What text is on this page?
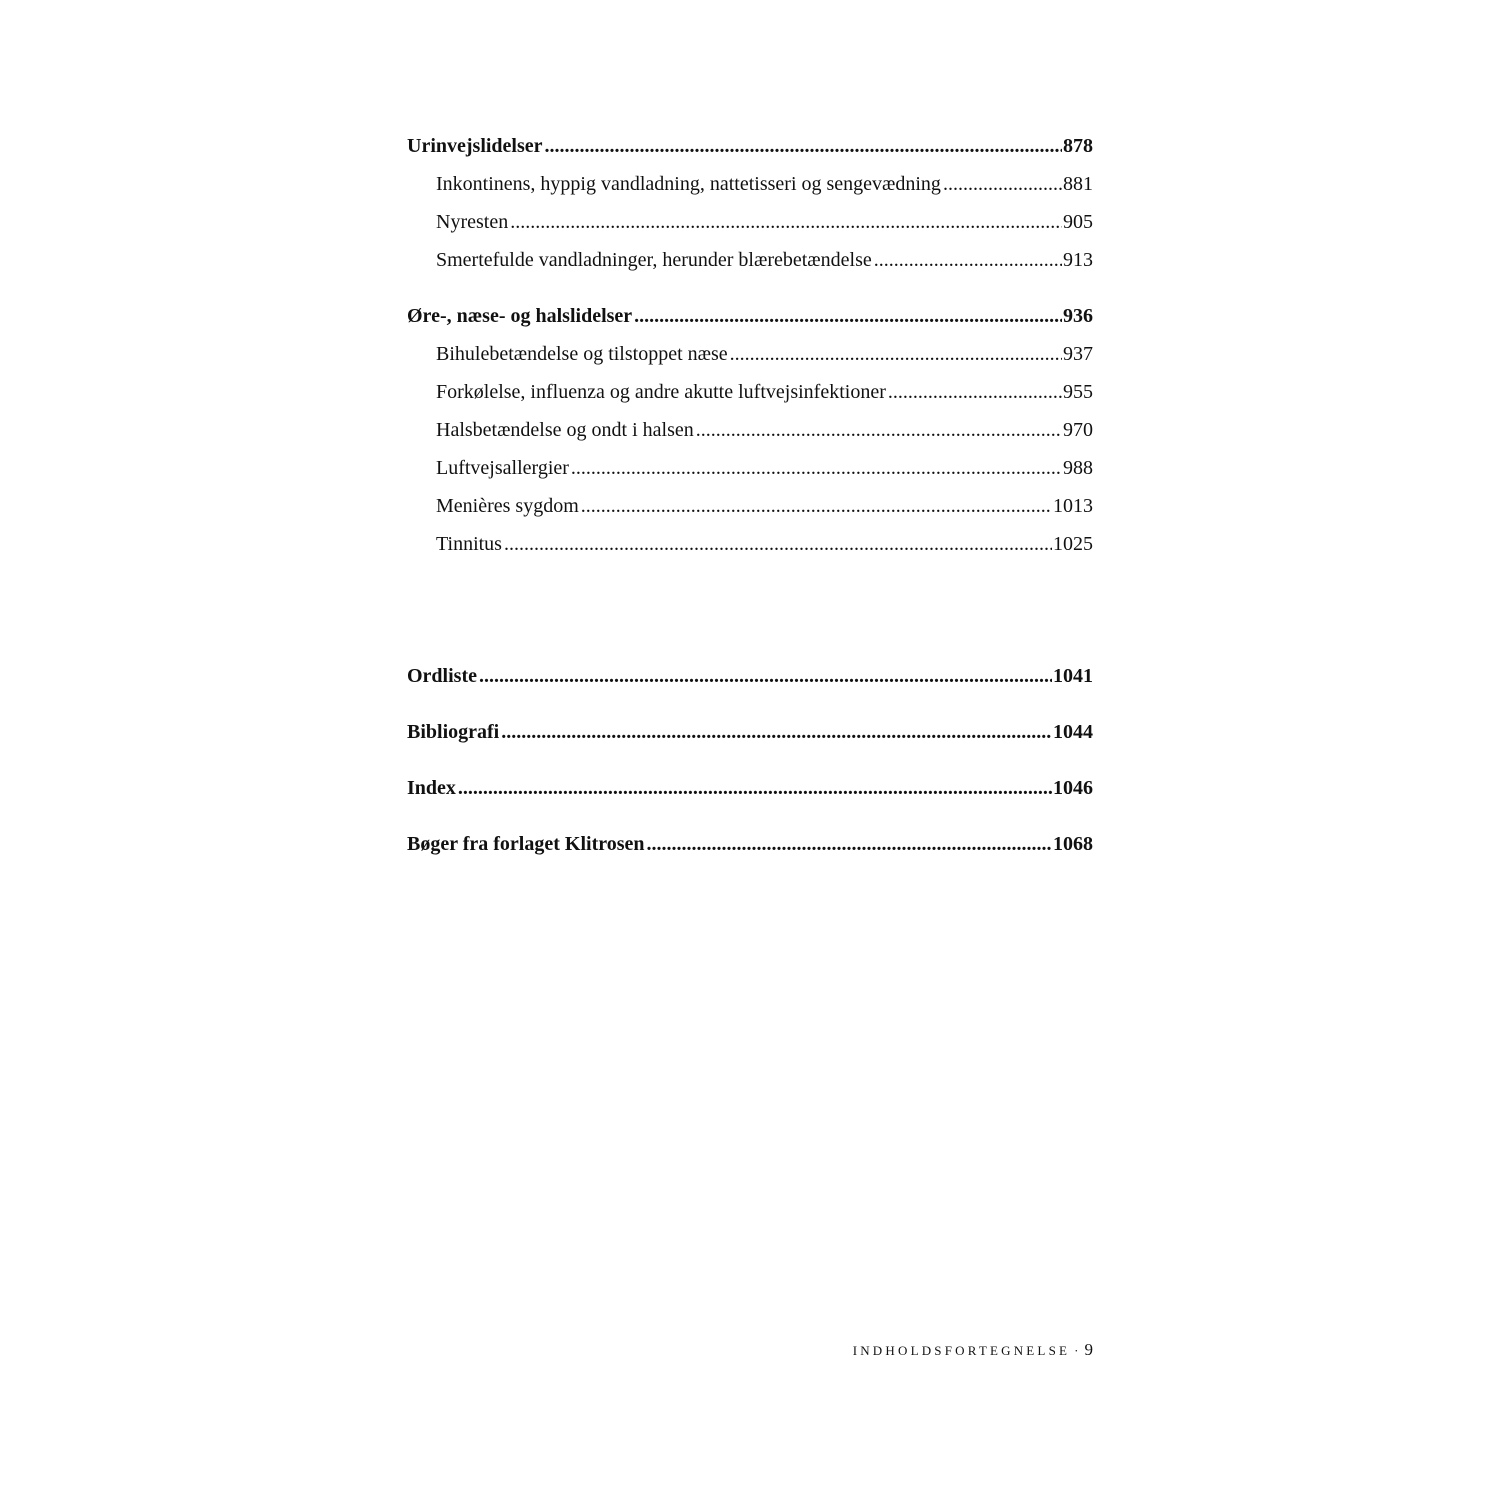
Urinvejslidelser .....	878
Inkontinens, hyppig vandladning, nattetisseri og sengevædning .....	881
Nyresten .....	905
Smertefulde vandladninger, herunder blærebetændelse .....	913
Øre-, næse- og halslidelser .....	936
Bihulebetændelse og tilstoppet næse .....	937
Forkølelse, influenza og andre akutte luftvejsinfektioner .....	955
Halsbetændelse og ondt i halsen .....	970
Luftvejsallergier .....	988
Menières sygdom .....	1013
Tinnitus .....	1025
Ordliste .....	1041
Bibliografi .....	1044
Index .....	1046
Bøger fra forlaget Klitrosen .....	1068
INDHOLDSFORTEGNELSE · 9
